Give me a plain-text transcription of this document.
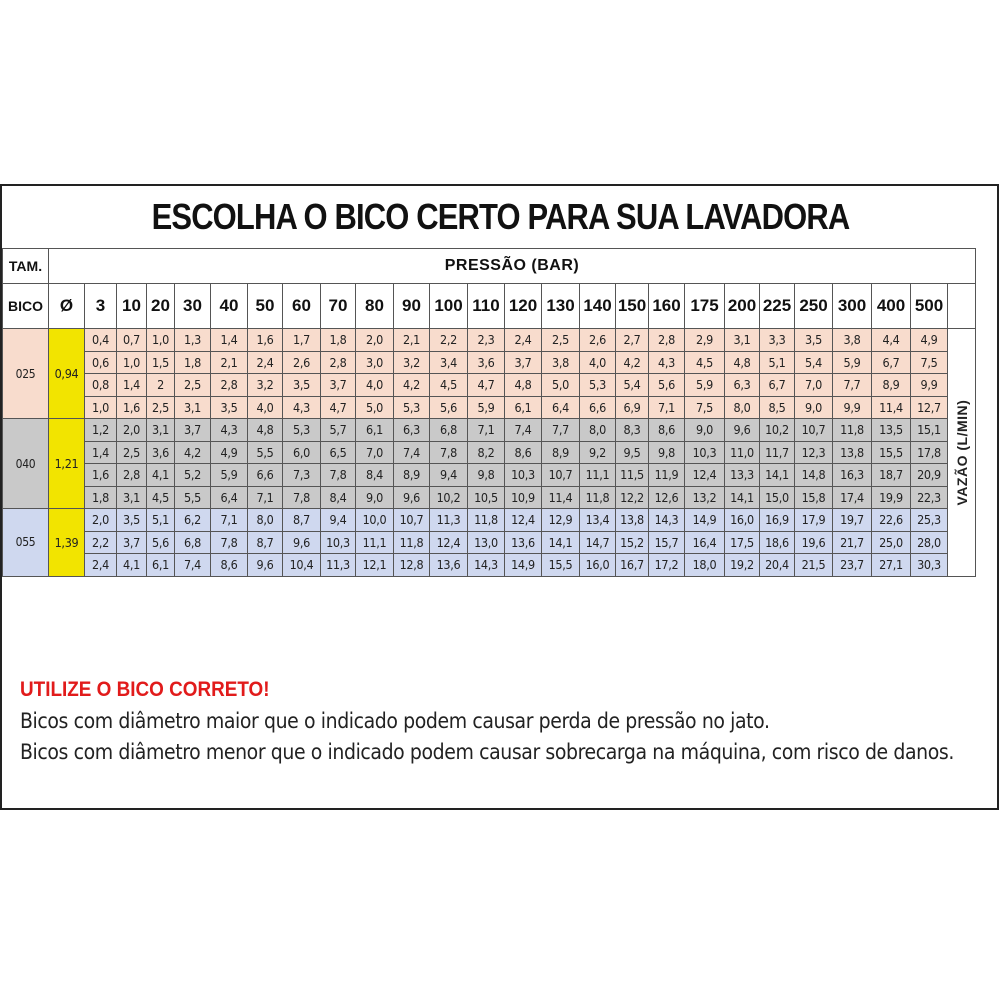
ESCOLHA O BICO CERTO PARA SUA LAVADORA
TAM.	PRESSÃO (BAR)																									
BICO	Ø	3	10	20	30	40	50	60	70	80	90	100	110	120	130	140	150	160	175	200	225	250	300	400	500	
025	0,94	0,4	0,7	1,0	1,3	1,4	1,6	1,7	1,8	2,0	2,1	2,2	2,3	2,4	2,5	2,6	2,7	2,8	2,9	3,1	3,3	3,5	3,8	4,4	4,9	VAZÃO (L/MIN)
		0,6	1,0	1,5	1,8	2,1	2,4	2,6	2,8	3,0	3,2	3,4	3,6	3,7	3,8	4,0	4,2	4,3	4,5	4,8	5,1	5,4	5,9	6,7	7,5	
		0,8	1,4	2	2,5	2,8	3,2	3,5	3,7	4,0	4,2	4,5	4,7	4,8	5,0	5,3	5,4	5,6	5,9	6,3	6,7	7,0	7,7	8,9	9,9	
		1,0	1,6	2,5	3,1	3,5	4,0	4,3	4,7	5,0	5,3	5,6	5,9	6,1	6,4	6,6	6,9	7,1	7,5	8,0	8,5	9,0	9,9	11,4	12,7	
040	1,21	1,2	2,0	3,1	3,7	4,3	4,8	5,3	5,7	6,1	6,3	6,8	7,1	7,4	7,7	8,0	8,3	8,6	9,0	9,6	10,2	10,7	11,8	13,5	15,1	
		1,4	2,5	3,6	4,2	4,9	5,5	6,0	6,5	7,0	7,4	7,8	8,2	8,6	8,9	9,2	9,5	9,8	10,3	11,0	11,7	12,3	13,8	15,5	17,8	
		1,6	2,8	4,1	5,2	5,9	6,6	7,3	7,8	8,4	8,9	9,4	9,8	10,3	10,7	11,1	11,5	11,9	12,4	13,3	14,1	14,8	16,3	18,7	20,9	
		1,8	3,1	4,5	5,5	6,4	7,1	7,8	8,4	9,0	9,6	10,2	10,5	10,9	11,4	11,8	12,2	12,6	13,2	14,1	15,0	15,8	17,4	19,9	22,3	
055	1,39	2,0	3,5	5,1	6,2	7,1	8,0	8,7	9,4	10,0	10,7	11,3	11,8	12,4	12,9	13,4	13,8	14,3	14,9	16,0	16,9	17,9	19,7	22,6	25,3	
		2,2	3,7	5,6	6,8	7,8	8,7	9,6	10,3	11,1	11,8	12,4	13,0	13,6	14,1	14,7	15,2	15,7	16,4	17,5	18,6	19,6	21,7	25,0	28,0	
		2,4	4,1	6,1	7,4	8,6	9,6	10,4	11,3	12,1	12,8	13,6	14,3	14,9	15,5	16,0	16,7	17,2	18,0	19,2	20,4	21,5	23,7	27,1	30,3	
UTILIZE O BICO CORRETO!
Bicos com diâmetro maior que o indicado podem causar perda de pressão no jato.
Bicos com diâmetro menor que o indicado podem causar sobrecarga na máquina, com risco de danos.
